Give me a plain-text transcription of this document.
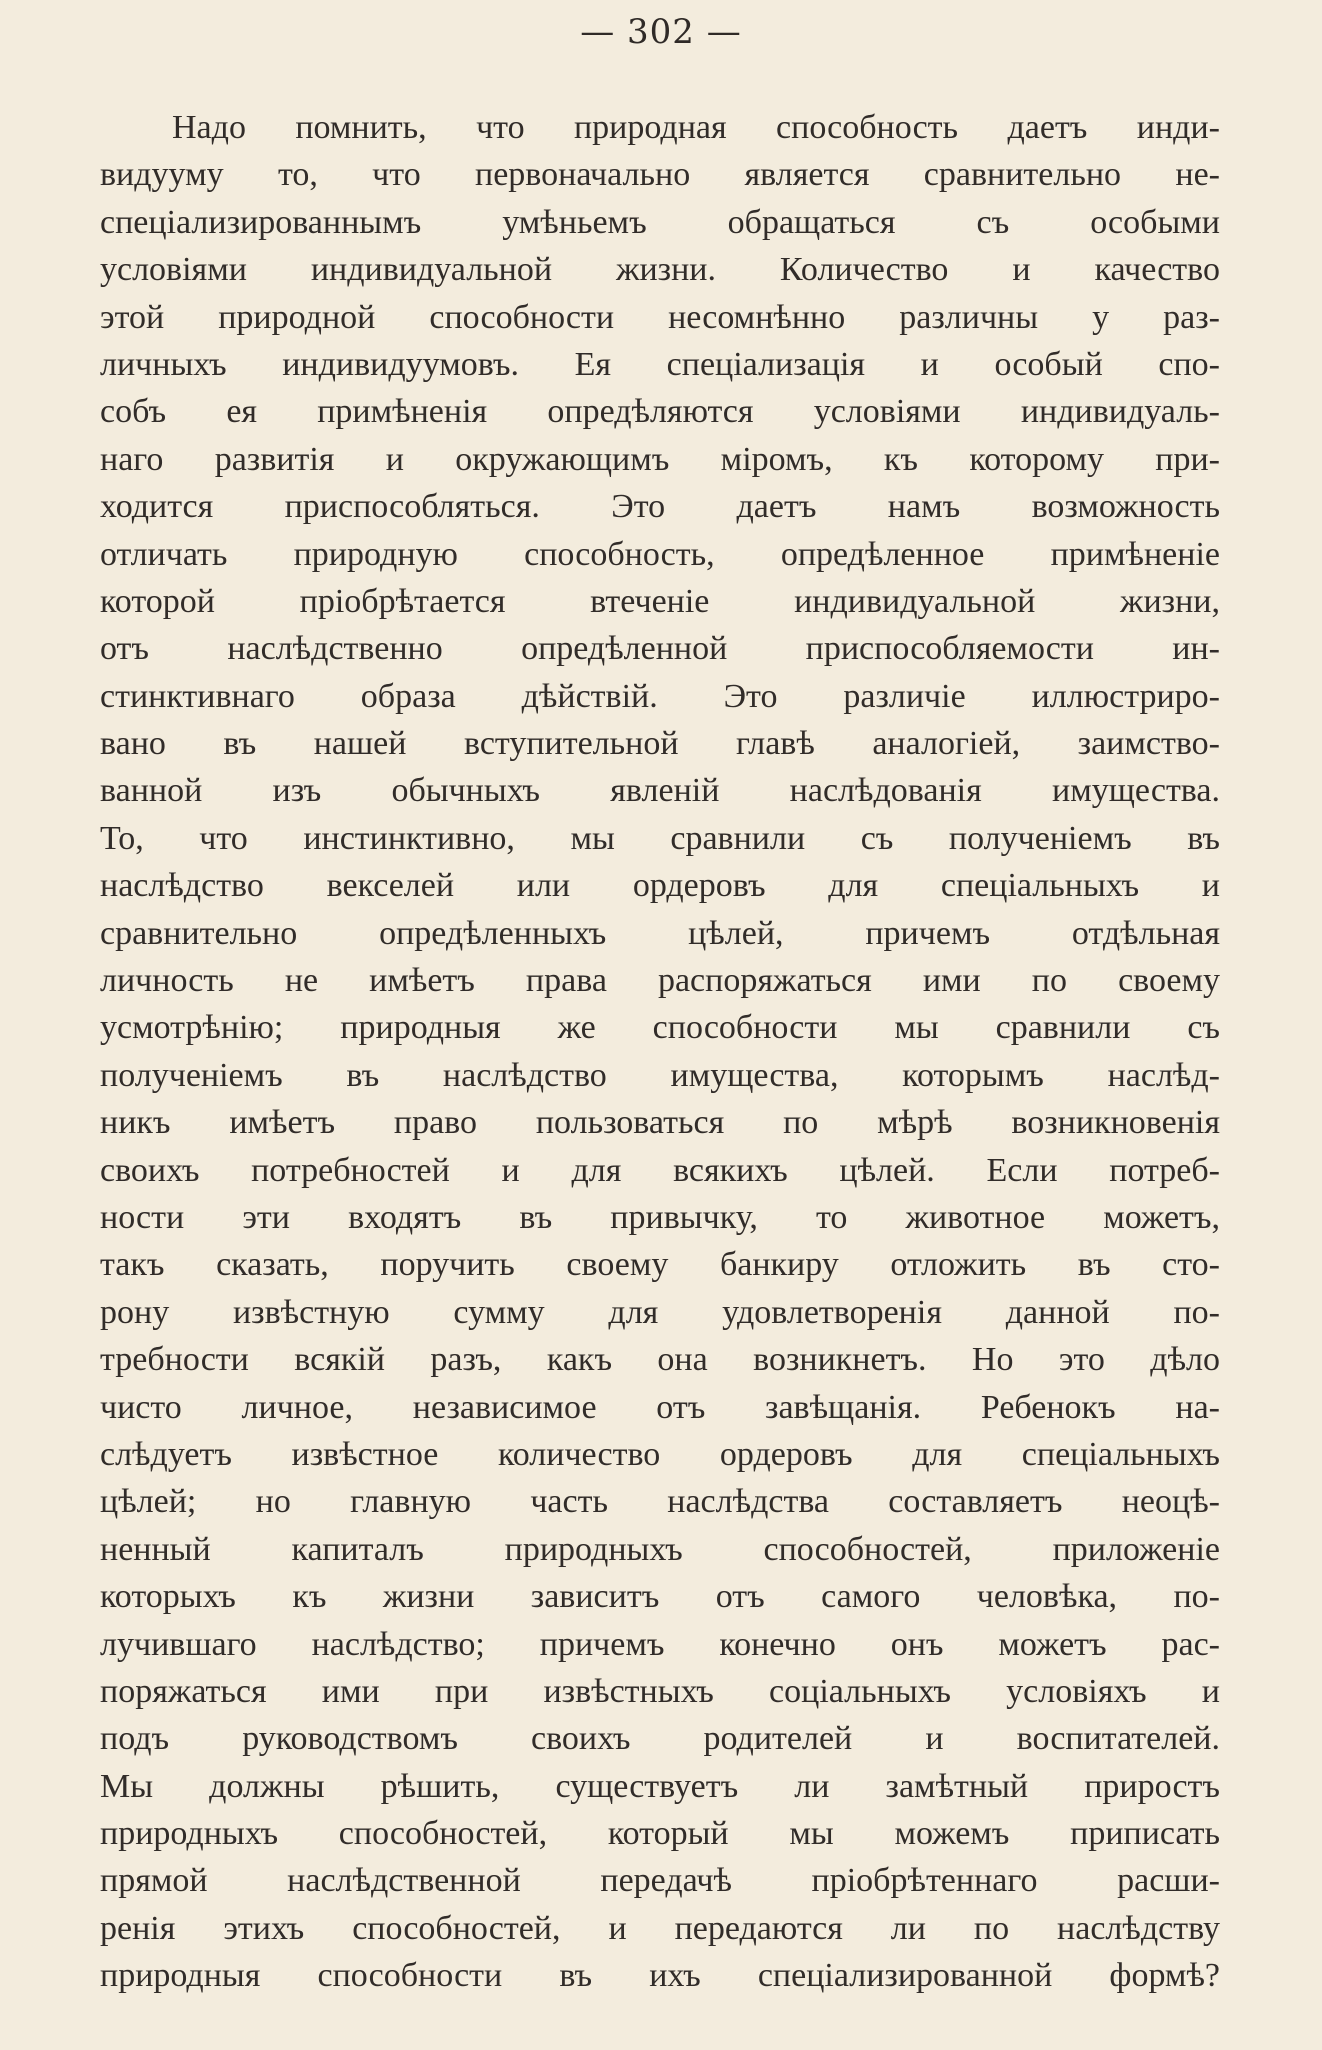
— 302 —
Надо помнить, что природная способность даетъ инди-
видууму то, что первоначально является сравнительно не-
спеціализированнымъ умѣньемъ обращаться съ особыми
условіями индивидуальной жизни. Количество и качество
этой природной способности несомнѣнно различны у раз-
личныхъ индивидуумовъ. Ея спеціализація и особый спо-
собъ ея примѣненія опредѣляются условіями индивидуаль-
наго развитія и окружающимъ міромъ, къ которому при-
ходится приспособляться. Это даетъ намъ возможность
отличать природную способность, опредѣленное примѣненіе
которой пріобрѣтается втеченіе индивидуальной жизни,
отъ наслѣдственно опредѣленной приспособляемости ин-
стинктивнаго образа дѣйствій. Это различіе иллюстриро-
вано въ нашей вступительной главѣ аналогіей, заимство-
ванной изъ обычныхъ явленій наслѣдованія имущества.
То, что инстинктивно, мы сравнили съ полученіемъ въ
наслѣдство векселей или ордеровъ для спеціальныхъ и
сравнительно опредѣленныхъ цѣлей, причемъ отдѣльная
личность не имѣетъ права распоряжаться ими по своему
усмотрѣнію; природныя же способности мы сравнили съ
полученіемъ въ наслѣдство имущества, которымъ наслѣд-
никъ имѣетъ право пользоваться по мѣрѣ возникновенія
своихъ потребностей и для всякихъ цѣлей. Если потреб-
ности эти входятъ въ привычку, то животное можетъ,
такъ сказать, поручить своему банкиру отложить въ сто-
рону извѣстную сумму для удовлетворенія данной по-
требности всякій разъ, какъ она возникнетъ. Но это дѣло
чисто личное, независимое отъ завѣщанія. Ребенокъ на-
слѣдуетъ извѣстное количество ордеровъ для спеціальныхъ
цѣлей; но главную часть наслѣдства составляетъ неоцѣ-
ненный капиталъ природныхъ способностей, приложеніе
которыхъ къ жизни зависитъ отъ самого человѣка, по-
лучившаго наслѣдство; причемъ конечно онъ можетъ рас-
поряжаться ими при извѣстныхъ соціальныхъ условіяхъ и
подъ руководствомъ своихъ родителей и воспитателей.
Мы должны рѣшить, существуетъ ли замѣтный приростъ
природныхъ способностей, который мы можемъ приписать
прямой наслѣдственной передачѣ пріобрѣтеннаго расши-
ренія этихъ способностей, и передаются ли по наслѣдству
природныя способности въ ихъ спеціализированной формѣ?
